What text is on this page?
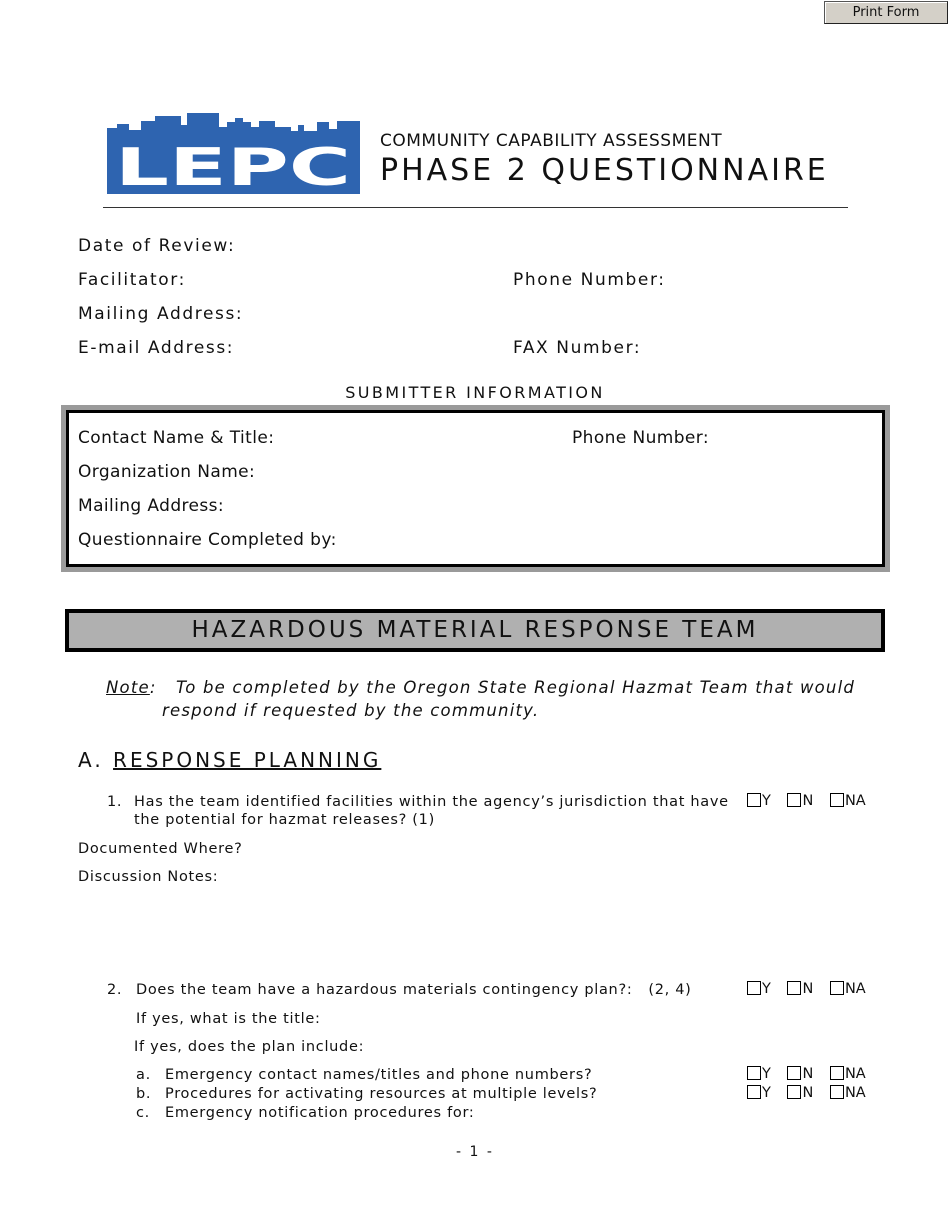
Print Form
LEPC COMMUNITY CAPABILITY ASSESSMENT
PHASE 2 QUESTIONNAIRE
Date of Review:
Facilitator:	Phone Number:
Mailing Address:
E-mail Address:	FAX Number:
SUBMITTER INFORMATION
Contact Name & Title:	Phone Number:
Organization Name:
Mailing Address:
Questionnaire Completed by:
HAZARDOUS MATERIAL RESPONSE TEAM
Note:   To be completed by the Oregon State Regional Hazmat Team that would
respond if requested by the community.
A. RESPONSE PLANNING
1. Has the team identified facilities within the agency’s jurisdiction that have
the potential for hazmat releases? (1)
Y N NA
Documented Where?
Discussion Notes:
2. Does the team have a hazardous materials contingency plan?:   (2, 4)	Y N NA
If yes, what is the title:
If yes, does the plan include:
a. Emergency contact names/titles and phone numbers?	Y N NA
b. Procedures for activating resources at multiple levels?	Y N NA
c. Emergency notification procedures for:
- 1 -
